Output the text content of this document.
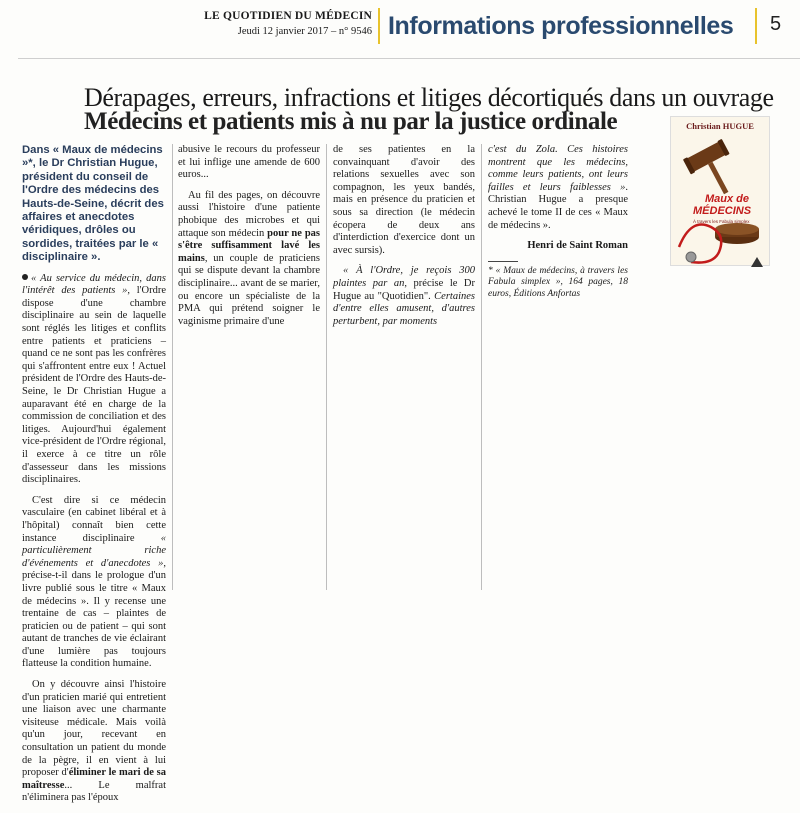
LE QUOTIDIEN DU MÉDECIN
Jeudi 12 janvier 2017 – n° 9546 Informations professionnelles 5
Dérapages, erreurs, infractions et litiges décortiqués dans un ouvrage
Médecins et patients mis à nu par la justice ordinale
Dans « Maux de médecins »*, le Dr Christian Hugue, président du conseil de l'Ordre des médecins des Hauts-de-Seine, décrit des affaires et anecdotes véridiques, drôles ou sordides, traitées par le « disciplinaire ».

« Au service du médecin, dans l'intérêt des patients », l'Ordre dispose d'une chambre disciplinaire au sein de laquelle sont réglés les litiges et conflits entre patients et praticiens – quand ce ne sont pas les confrères qui s'affrontent entre eux ! Actuel président de l'Ordre des Hauts-de-Seine, le Dr Christian Hugue a auparavant été en charge de la commission de conciliation et des litiges. Aujourd'hui également vice-président de l'Ordre régional, il exerce à ce titre un rôle d'assesseur dans les missions disciplinaires.

C'est dire si ce médecin vasculaire (en cabinet libéral et à l'hôpital) connaît bien cette instance disciplinaire « particulièrement riche d'événements et d'anecdotes », précise-t-il dans le prologue d'un livre publié sous le titre « Maux de médecins ». Il y recense une trentaine de cas – plaintes de praticien ou de patient – qui sont autant de tranches de vie éclairant d'une lumière pas toujours flatteuse la condition humaine.

On y découvre ainsi l'histoire d'un praticien marié qui entretient une liaison avec une charmante visiteuse médicale. Mais voilà qu'un jour, recevant en consultation un patient du monde de la pègre, il en vient à lui proposer d'éliminer le mari de sa maîtresse... Le malfrat n'éliminera pas l'époux

abusive le recours du professeur et lui inflige une amende de 600 euros...

Au fil des pages, on découvre aussi l'histoire d'une patiente phobique des microbes et qui attaque son médecin pour ne pas s'être suffisamment lavé les mains, un couple de praticiens qui se dispute devant la chambre disciplinaire... avant de se marier, ou encore un spécialiste de la PMA qui prétend soigner le vaginisme primaire d'une

de ses patientes en la convainquant d'avoir des relations sexuelles avec son compagnon, les yeux bandés, mais en présence du praticien et sous sa direction (le médecin écopera de deux ans d'interdiction d'exercice dont un avec sursis).

« À l'Ordre, je reçois 300 plaintes par an, précise le Dr Hugue au "Quotidien". Certaines d'entre elles amusent, d'autres perturbent, par moments

c'est du Zola. Ces histoires montrent que les médecins, comme leurs patients, ont leurs failles et leurs faiblesses ». Christian Hugue a presque achevé le tome II de ces « Maux de médecins ».

Henri de Saint Roman
* « Maux de médecins, à travers les Fabula simplex », 164 pages, 18 euros, Éditions Anfortas
Christian HUGUE
Maux de
MÉDECINS
À travers les Fabula simplex
